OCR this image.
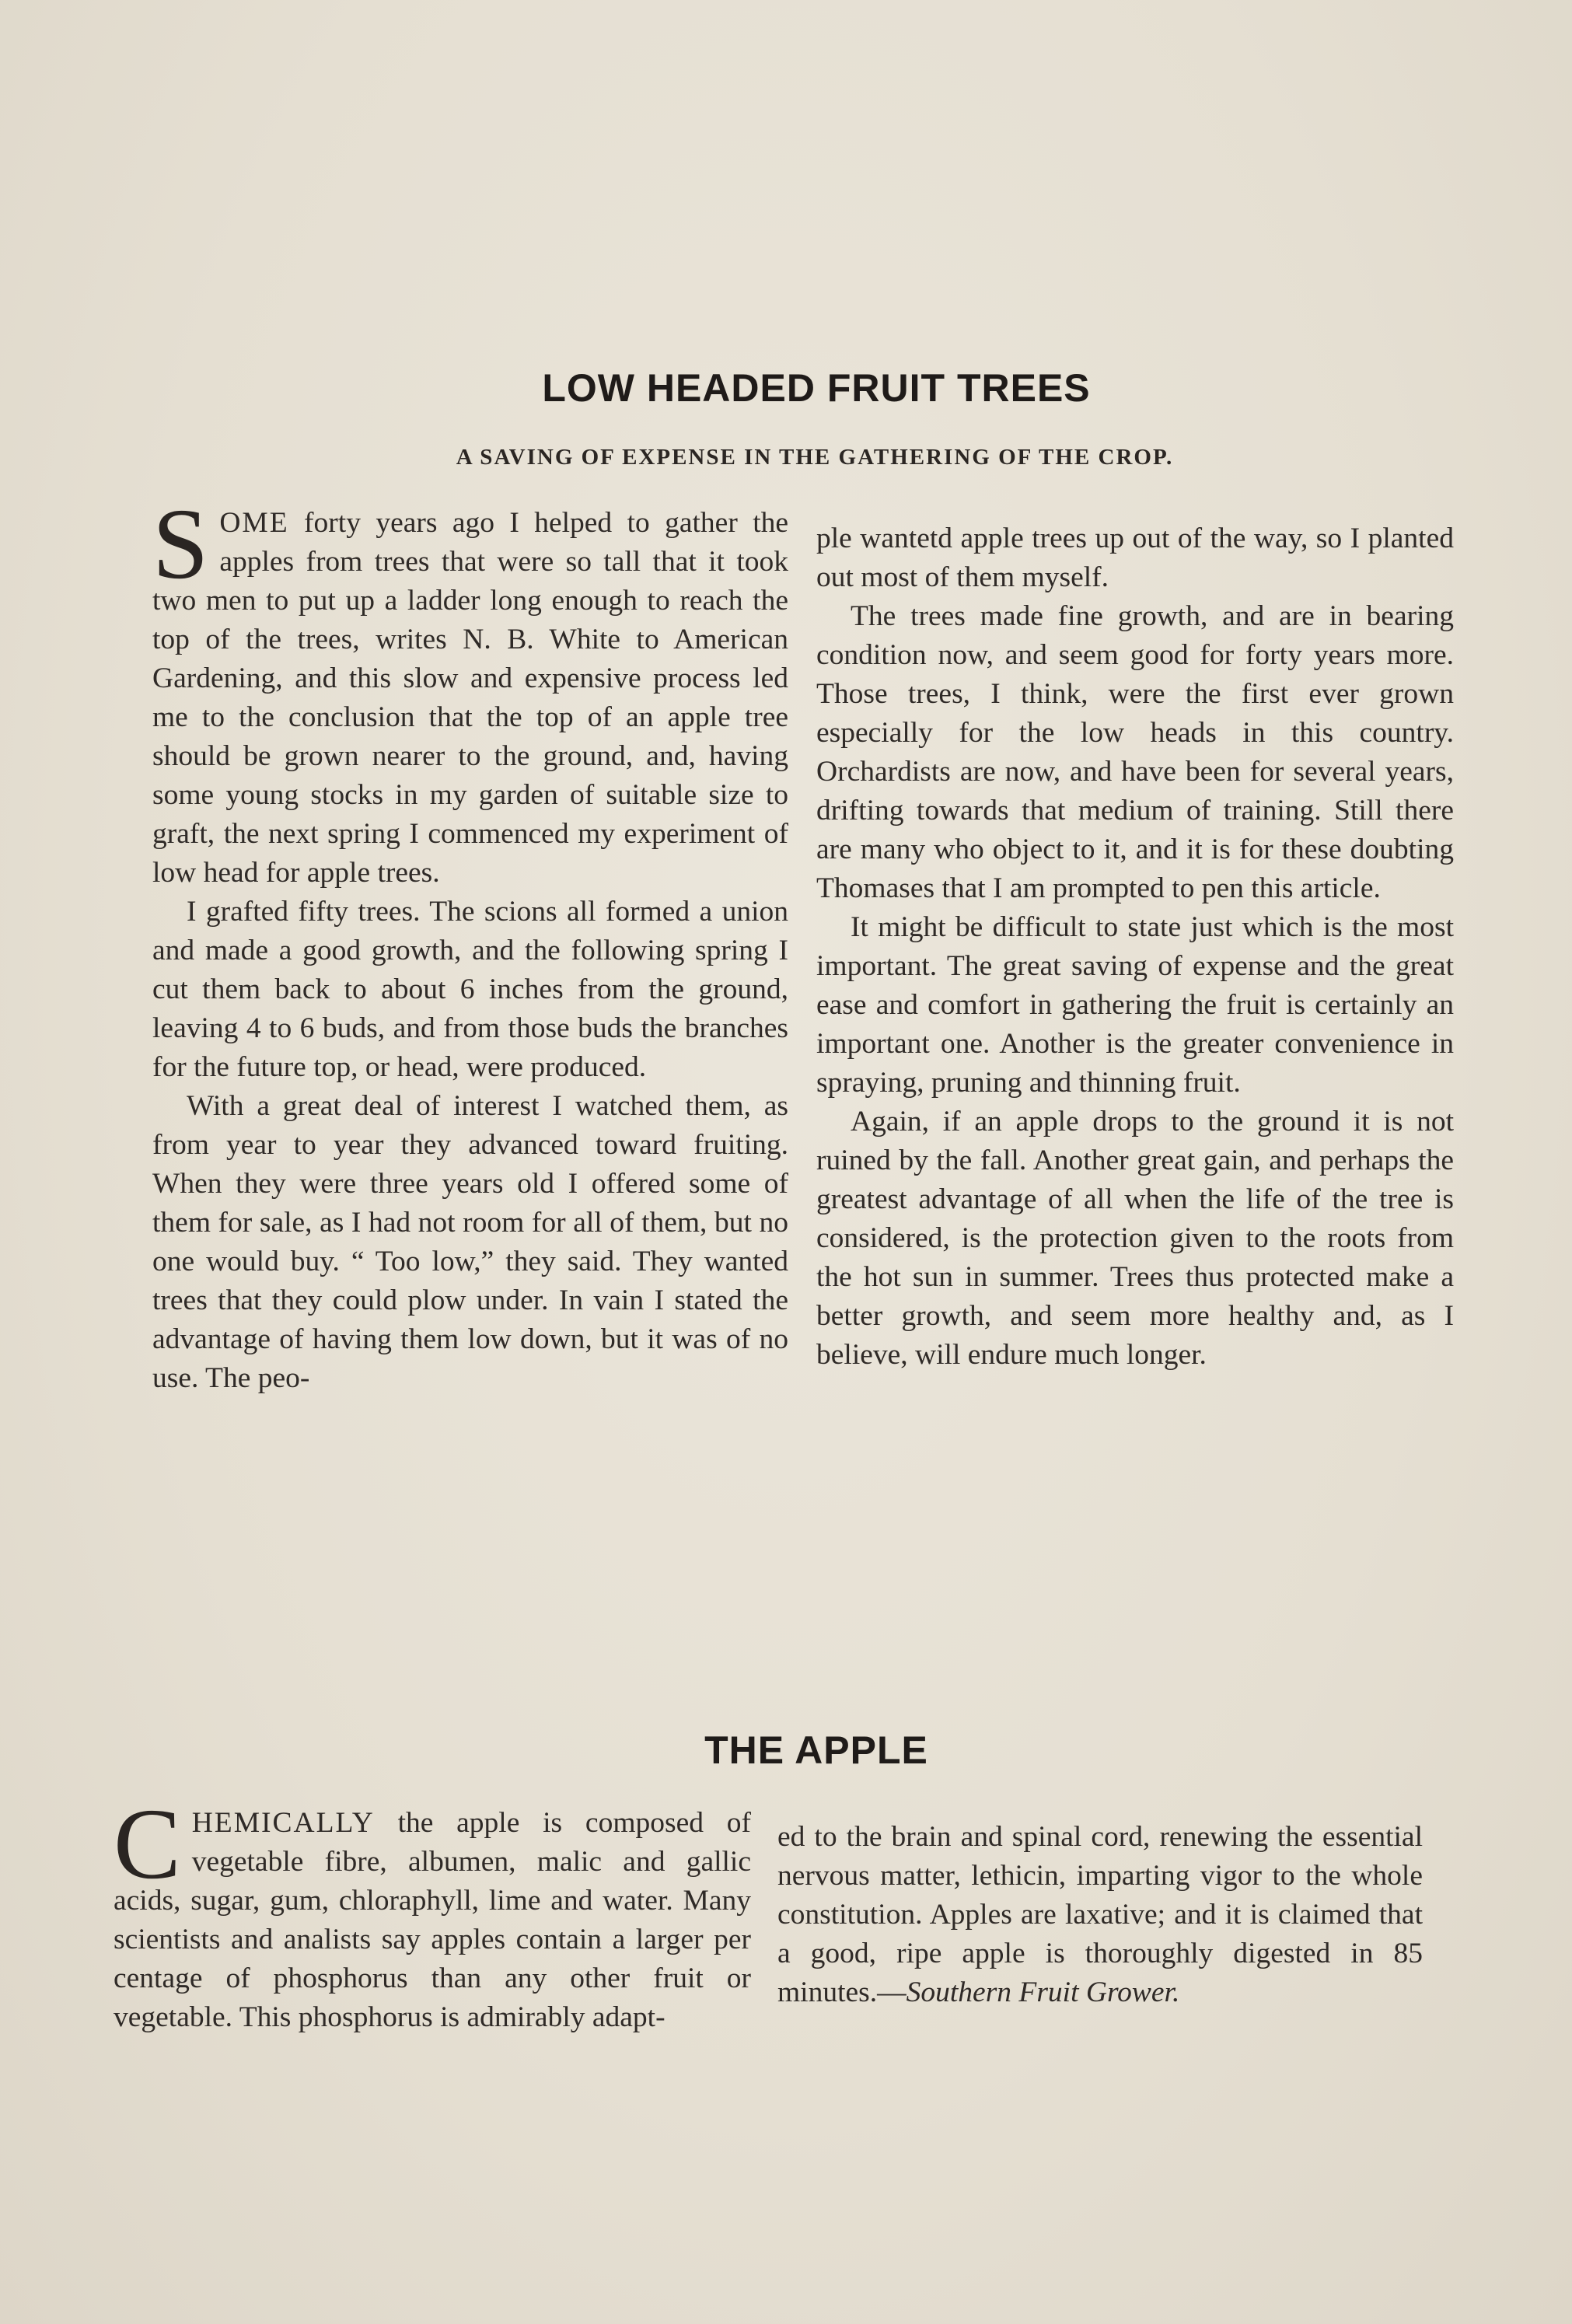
LOW HEADED FRUIT TREES
A SAVING OF EXPENSE IN THE GATHERING OF THE CROP.

SOME forty years ago I helped to gather the apples from trees that were so tall that it took two men to put up a ladder long enough to reach the top of the trees, writes N. B. White to American Gardening, and this slow and expensive process led me to the conclusion that the top of an apple tree should be grown nearer to the ground, and, having some young stocks in my garden of suitable size to graft, the next spring I commenced my experiment of low head for apple trees.

I grafted fifty trees. The scions all formed a union and made a good growth, and the following spring I cut them back to about 6 inches from the ground, leaving 4 to 6 buds, and from those buds the branches for the future top, or head, were produced.

With a great deal of interest I watched them, as from year to year they advanced toward fruiting. When they were three years old I offered some of them for sale, as I had not room for all of them, but no one would buy. “ Too low,” they said. They wanted trees that they could plow under. In vain I stated the advantage of having them low down, but it was of no use. The peo-

ple wantetd apple trees up out of the way, so I planted out most of them myself.

The trees made fine growth, and are in bearing condition now, and seem good for forty years more. Those trees, I think, were the first ever grown especially for the low heads in this country. Orchardists are now, and have been for several years, drifting towards that medium of training. Still there are many who object to it, and it is for these doubting Thomases that I am prompted to pen this article.

It might be difficult to state just which is the most important. The great saving of expense and the great ease and comfort in gathering the fruit is certainly an important one. Another is the greater convenience in spraying, pruning and thinning fruit.

Again, if an apple drops to the ground it is not ruined by the fall. Another great gain, and perhaps the greatest advantage of all when the life of the tree is considered, is the protection given to the roots from the hot sun in summer. Trees thus protected make a better growth, and seem more healthy and, as I believe, will endure much longer.

THE APPLE

CHEMICALLY the apple is composed of vegetable fibre, albumen, malic and gallic acids, sugar, gum, chloraphyll, lime and water. Many scientists and analists say apples contain a larger per centage of phosphorus than any other fruit or vegetable. This phosphorus is admirably adapt-

ed to the brain and spinal cord, renewing the essential nervous matter, lethicin, imparting vigor to the whole constitution. Apples are laxative; and it is claimed that a good, ripe apple is thoroughly digested in 85 minutes.—Southern Fruit Grower.
